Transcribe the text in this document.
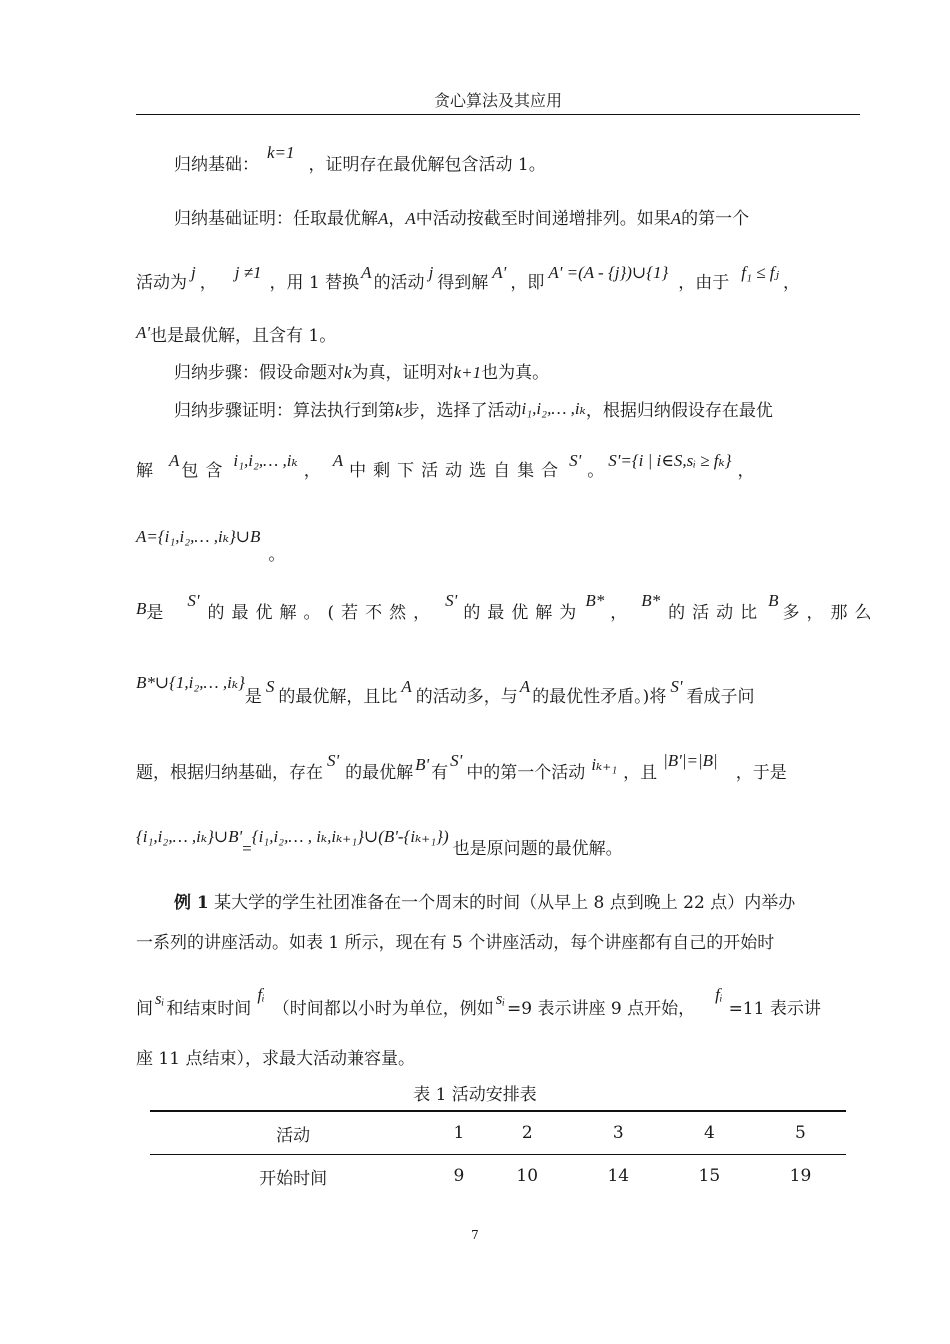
贪心算法及其应用
归纳基础：k=1，证明存在最优解包含活动 1。
归纳基础证明：任取最优解A，A中活动按截至时间递增排列。如果A的第一个
活动为j，j ≠1，用 1 替换A的活动j得到解A'，即A' =(A - {j})∪{1}，由于f₁ ≤ fⱼ，
A'也是最优解，且含有 1。
归纳步骤：假设命题对k为真，证明对k+1也为真。
归纳步骤证明：算法执行到第k步，选择了活动i₁,i₂,… ,iₖ，根据归纳假设存在最优
解A包含i₁,i₂,… ,iₖ，A中剩下活动选自集合S'。S'={i | i∈S,sᵢ ≥ fₖ}，
A={i₁,i₂,… ,iₖ}∪B。
B是S'的最优解。(若不然，S'的最优解为B*，B*的活动比B多，那么
B*∪{1,i₂,… ,iₖ}是S的最优解，且比A的活动多，与A的最优性矛盾。)将S'看成子问
题，根据归纳基础，存在S'的最优解 B' 有S'中的第一个活动 iₖ₊₁ ，且|B'|=|B|，于是
{i₁,i₂,… ,iₖ}∪B'={i₁,i₂,… , iₖ,iₖ₊₁}∪(B'-{iₖ₊₁})也是原问题的最优解。
例 1 某大学的学生社团准备在一个周末的时间（从早上 8 点到晚上 22 点）内举办
一系列的讲座活动。如表 1 所示，现在有 5 个讲座活动，每个讲座都有自己的开始时
间sᵢ和结束时间fᵢ（时间都以小时为单位，例如sᵢ=9 表示讲座 9 点开始，fᵢ=11 表示讲
座 11 点结束），求最大活动兼容量。
表 1 活动安排表
活动	1	2	3	4	5
开始时间	9	10	14	15	19
7
